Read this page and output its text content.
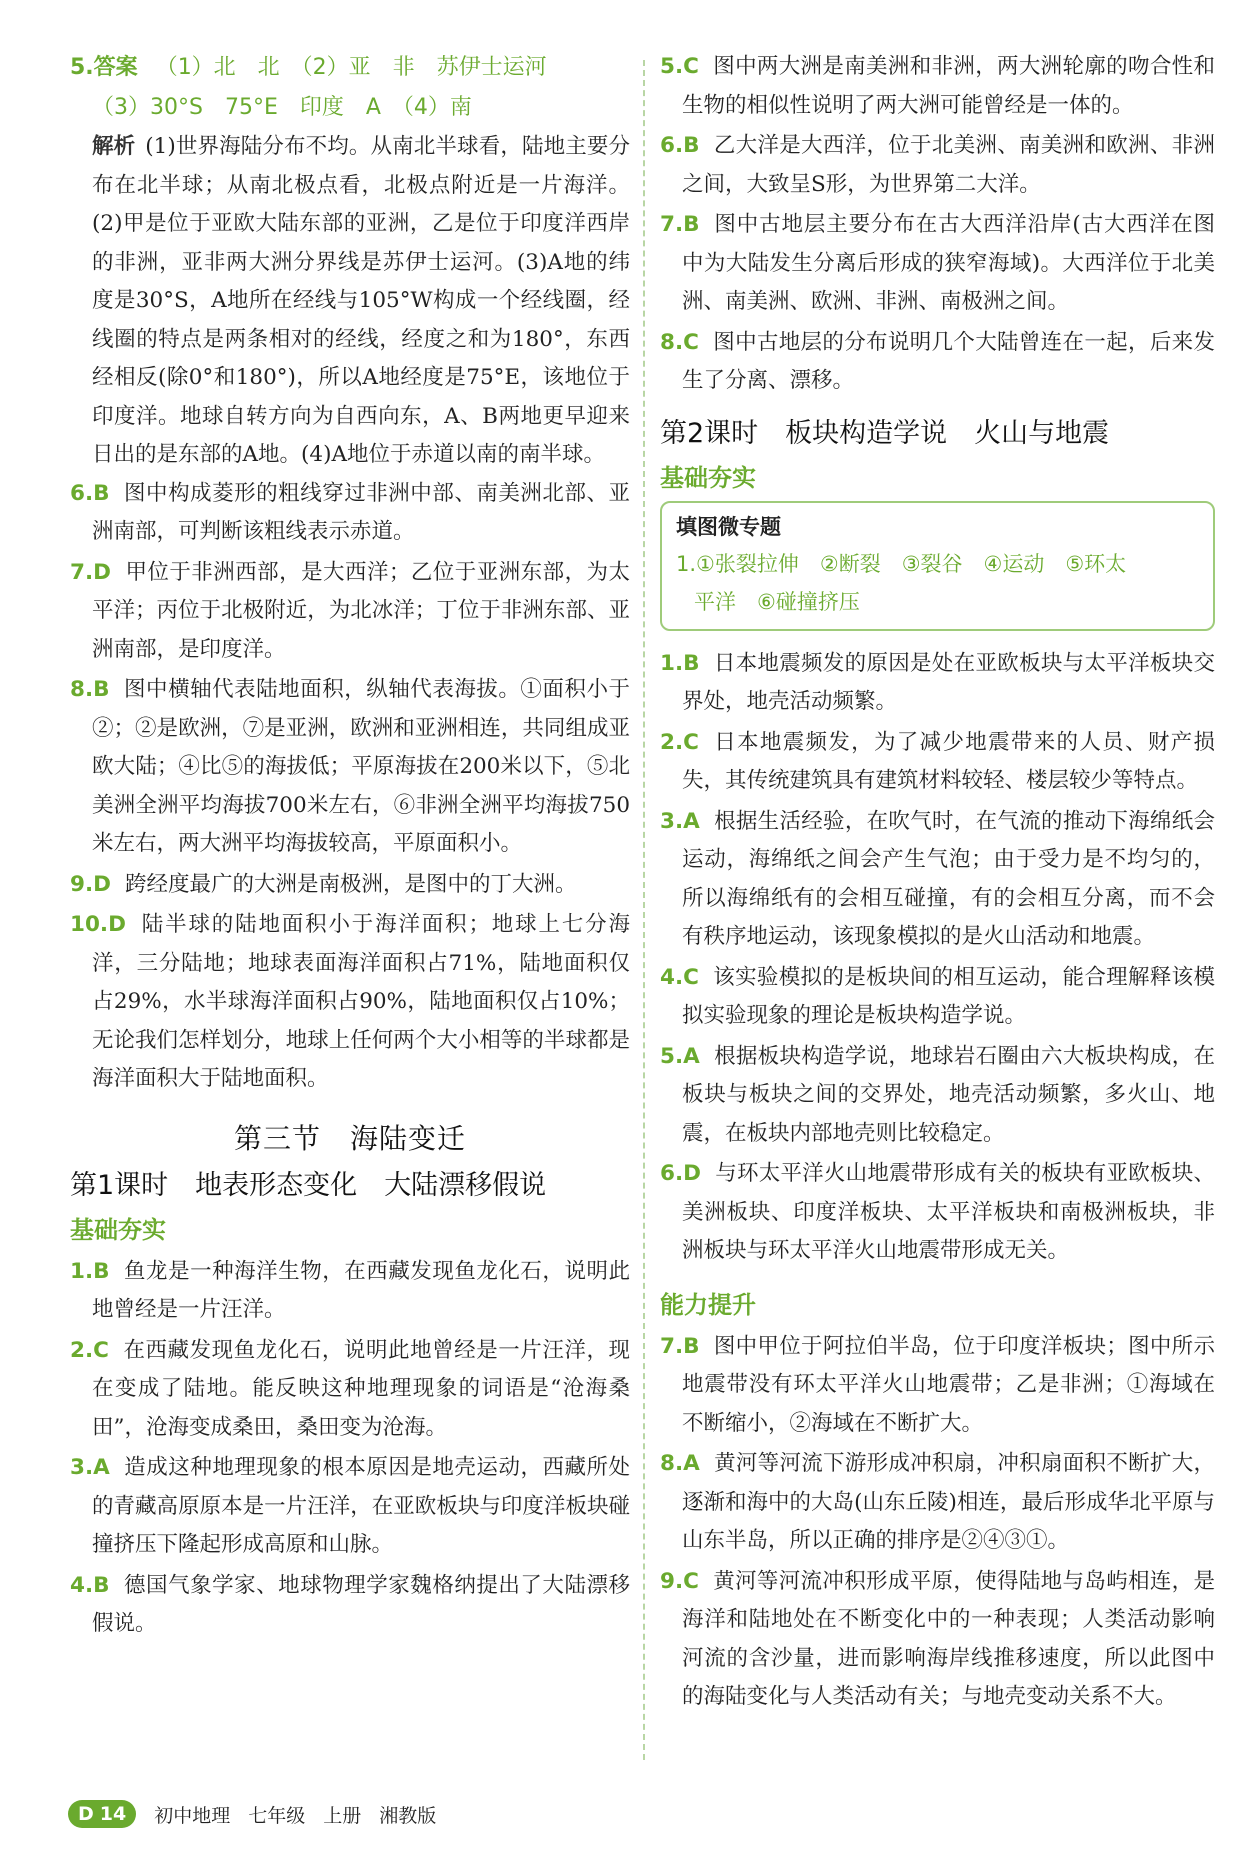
5.答案 （1）北　北　（2）亚　非　苏伊士运河
（3）30°S　75°E　印度　A　（4）南
解析 (1)世界海陆分布不均。从南北半球看，陆地主要分布在北半球；从南北极点看，北极点附近是一片海洋。(2)甲是位于亚欧大陆东部的亚洲，乙是位于印度洋西岸的非洲，亚非两大洲分界线是苏伊士运河。(3)A地的纬度是30°S，A地所在经线与105°W构成一个经线圈，经线圈的特点是两条相对的经线，经度之和为180°，东西经相反(除0°和180°)，所以A地经度是75°E，该地位于印度洋。地球自转方向为自西向东，A、B两地更早迎来日出的是东部的A地。(4)A地位于赤道以南的南半球。
6.B 图中构成菱形的粗线穿过非洲中部、南美洲北部、亚洲南部，可判断该粗线表示赤道。
7.D 甲位于非洲西部，是大西洋；乙位于亚洲东部，为太平洋；丙位于北极附近，为北冰洋；丁位于非洲东部、亚洲南部，是印度洋。
8.B 图中横轴代表陆地面积，纵轴代表海拔。①面积小于②；②是欧洲，⑦是亚洲，欧洲和亚洲相连，共同组成亚欧大陆；④比⑤的海拔低；平原海拔在200米以下，⑤北美洲全洲平均海拔700米左右，⑥非洲全洲平均海拔750米左右，两大洲平均海拔较高，平原面积小。
9.D 跨经度最广的大洲是南极洲，是图中的丁大洲。
10.D 陆半球的陆地面积小于海洋面积；地球上七分海洋，三分陆地；地球表面海洋面积占71%，陆地面积仅占29%，水半球海洋面积占90%，陆地面积仅占10%；无论我们怎样划分，地球上任何两个大小相等的半球都是海洋面积大于陆地面积。
第三节　海陆变迁
第1课时　地表形态变化　大陆漂移假说
基础夯实
1.B 鱼龙是一种海洋生物，在西藏发现鱼龙化石，说明此地曾经是一片汪洋。
2.C 在西藏发现鱼龙化石，说明此地曾经是一片汪洋，现在变成了陆地。能反映这种地理现象的词语是“沧海桑田”，沧海变成桑田，桑田变为沧海。
3.A 造成这种地理现象的根本原因是地壳运动，西藏所处的青藏高原原本是一片汪洋，在亚欧板块与印度洋板块碰撞挤压下隆起形成高原和山脉。
4.B 德国气象学家、地球物理学家魏格纳提出了大陆漂移假说。
5.C 图中两大洲是南美洲和非洲，两大洲轮廓的吻合性和生物的相似性说明了两大洲可能曾经是一体的。
6.B 乙大洋是大西洋，位于北美洲、南美洲和欧洲、非洲之间，大致呈S形，为世界第二大洋。
7.B 图中古地层主要分布在古大西洋沿岸(古大西洋在图中为大陆发生分离后形成的狭窄海域)。大西洋位于北美洲、南美洲、欧洲、非洲、南极洲之间。
8.C 图中古地层的分布说明几个大陆曾连在一起，后来发生了分离、漂移。
第2课时　板块构造学说　火山与地震
基础夯实
填图微专题
1.①张裂拉伸　②断裂　③裂谷　④运动　⑤环太
平洋　⑥碰撞挤压
1.B 日本地震频发的原因是处在亚欧板块与太平洋板块交界处，地壳活动频繁。
2.C 日本地震频发，为了减少地震带来的人员、财产损失，其传统建筑具有建筑材料较轻、楼层较少等特点。
3.A 根据生活经验，在吹气时，在气流的推动下海绵纸会运动，海绵纸之间会产生气泡；由于受力是不均匀的，所以海绵纸有的会相互碰撞，有的会相互分离，而不会有秩序地运动，该现象模拟的是火山活动和地震。
4.C 该实验模拟的是板块间的相互运动，能合理解释该模拟实验现象的理论是板块构造学说。
5.A 根据板块构造学说，地球岩石圈由六大板块构成，在板块与板块之间的交界处，地壳活动频繁，多火山、地震，在板块内部地壳则比较稳定。
6.D 与环太平洋火山地震带形成有关的板块有亚欧板块、美洲板块、印度洋板块、太平洋板块和南极洲板块，非洲板块与环太平洋火山地震带形成无关。
能力提升
7.B 图中甲位于阿拉伯半岛，位于印度洋板块；图中所示地震带没有环太平洋火山地震带；乙是非洲；①海域在不断缩小，②海域在不断扩大。
8.A 黄河等河流下游形成冲积扇，冲积扇面积不断扩大，逐渐和海中的大岛(山东丘陵)相连，最后形成华北平原与山东半岛，所以正确的排序是②④③①。
9.C 黄河等河流冲积形成平原，使得陆地与岛屿相连，是海洋和陆地处在不断变化中的一种表现；人类活动影响河流的含沙量，进而影响海岸线推移速度，所以此图中的海陆变化与人类活动有关；与地壳变动关系不大。
D 14 初中地理 七年级 上册 湘教版
